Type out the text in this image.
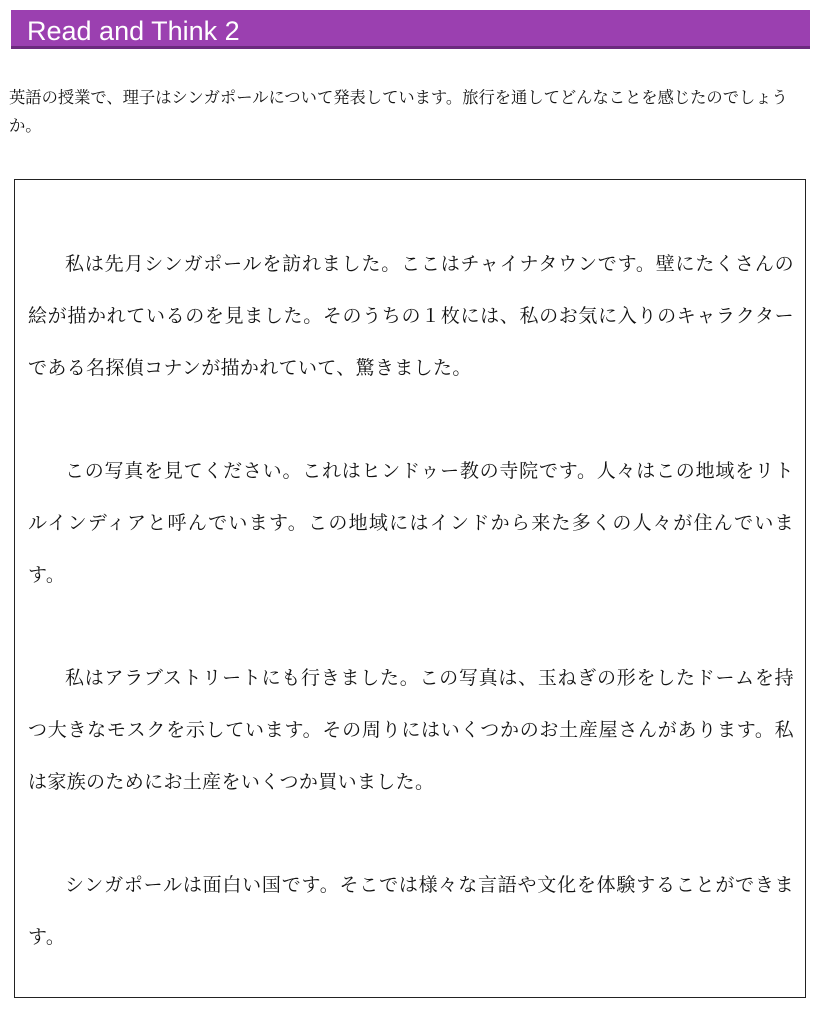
Read and Think 2

英語の授業で、理子はシンガポールについて発表しています。旅行を通してどんなことを感じたのでしょうか。

私は先月シンガポールを訪れました。ここはチャイナタウンです。壁にたくさんの絵が描かれているのを見ました。そのうちの１枚には、私のお気に入りのキャラクターである名探偵コナンが描かれていて、驚きました。

この写真を見てください。これはヒンドゥー教の寺院です。人々はこの地域をリトルインディアと呼んでいます。この地域にはインドから来た多くの人々が住んでいます。

私はアラブストリートにも行きました。この写真は、玉ねぎの形をしたドームを持つ大きなモスクを示しています。その周りにはいくつかのお土産屋さんがあります。私は家族のためにお土産をいくつか買いました。

シンガポールは面白い国です。そこでは様々な言語や文化を体験することができます。
